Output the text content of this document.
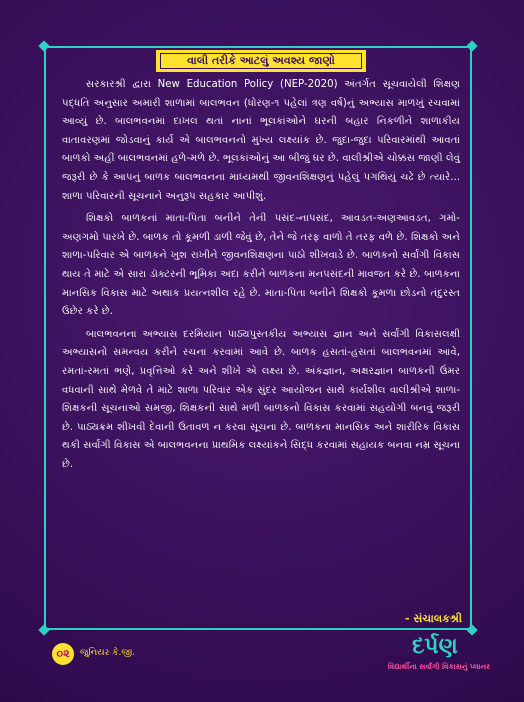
વાલી તરીકે આટલું અવશ્ય જાણો

સરકારશ્રી દ્વારા New Education Policy (NEP-2020) અંતર્ગત સૂચવાયેલી શિક્ષણ પદ્ધતિ અનુસાર અમારી શાળામાં બાલભવન (ધોરણ-૧ પહેલાં ત્રણ વર્ષ)નું અભ્યાસ માળખું રચવામાં આવ્યું છે. બાલભવનમાં દાખલ થતાં નાનાં ભૂલકાંઓને ઘરની બહાર નિકળીને શાળાકીય વાતાવરણમાં જોડવાનું કાર્ય એ બાલભવનનો મુખ્ય લક્ષ્યાંક છે. જુદા-જુદા પરિવારમાંથી આવતાં બાળકો અહીં બાલભવનમાં હળે-મળે છે. ભૂલકાંઓનું આ બીજું ઘર છે. વાલીશ્રીએ ચોક્કસ જાણી લેવું જરૂરી છે કે આપનું બાળક બાલભવનના માધ્યમથી જીવનશિક્ષણનું પહેલું પગથિયું ચઢે છે ત્યારે... શાળા પરિવારની સૂચનાને અનુરૂપ સહકાર આપીશું.

શિક્ષકો બાળકનાં માતા-પિતા બનીને તેની પસંદ-નાપસંદ, આવડત-અણઆવડત, ગમો-અણગમો પારખે છે. બાળક તો કૂમળી ડાળી જેવું છે, તેને જે તરફ વાળો તે તરફ વળે છે. શિક્ષકો અને શાળા-પરિવાર એ બાળકને ખુશ રાખીને જીવનશિક્ષણના પાઠો શીખવાડે છે. બાળકનો સર્વાંગી વિકાસ થાય તે માટે એ સારા ડૉક્ટરની ભૂમિકા અદા કરીને બાળકના મનપસંદની માવજત કરે છે. બાળકના માનસિક વિકાસ માટે અથાક પ્રયત્નશીલ રહે છે. માતા-પિતા બનીને શિક્ષકો કૂમળા છોડનો તંદુરસ્ત ઉછેર કરે છે.

બાલભવનના અભ્યાસ દરમિયાન પાઠ્યપુસ્તકીય અભ્યાસ જ્ઞાન અને સર્વાંગી વિકાસલક્ષી અભ્યાસનો સમન્વય કરીને રચના કરવામાં આવે છે. બાળક હસતાં-હસતાં બાલભવનમાં આવે, રમતાં-રમતાં ભણે, પ્રવૃત્તિઓ કરે અને શીખે એ લક્ષ્ય છે. અંકજ્ઞાન, અક્ષરજ્ઞાન બાળકની ઉંમર વધવાની સાથે મેળવે તે માટે શાળા પરિવાર એક સુંદર આયોજન સાથે કાર્યશીલ વાલીશ્રીએ શાળા-શિક્ષકની સૂચનાઓ સમજી, શિક્ષકની સાથે મળી બાળકનો વિકાસ કરવામાં સહયોગી બનવું જરૂરી છે. પાઠ્યક્રમ શીખવી દેવાની ઉતાવળ ન કરવા સૂચના છે. બાળકના માનસિક અને શારીરિક વિકાસ થકી સર્વાંગી વિકાસ એ બાલભવનના પ્રાથમિક લક્ષ્યાંકને સિદ્ધ કરવામાં સહાયક બનવા નમ્ર સૂચના છે.

- સંચાલકશ્રી
૦૨	જુનિયર કે.જી.	દર્પણ
વિદ્યાર્થીના સર્વાંગી વિકાસનું પ્લાનર
